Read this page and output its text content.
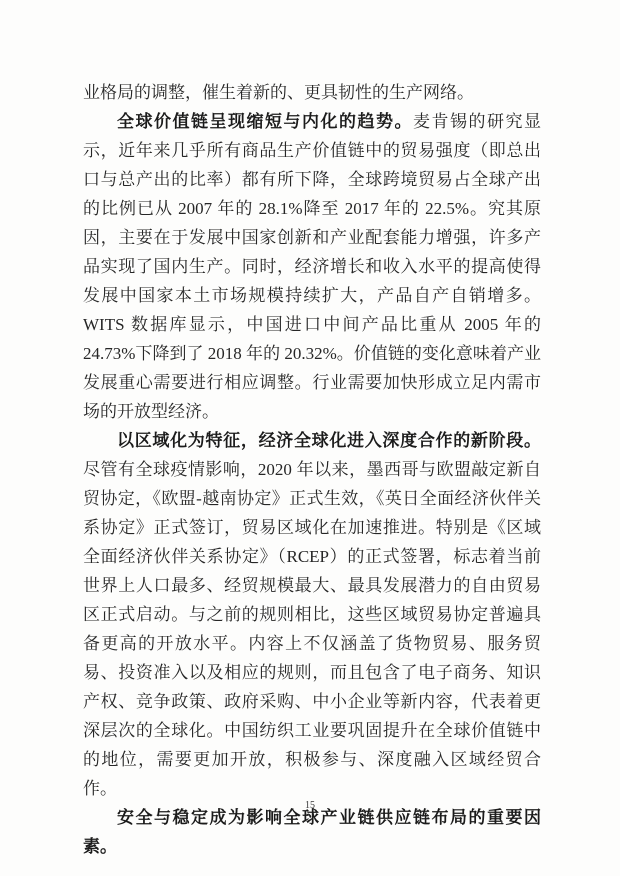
业格局的调整，催生着新的、更具韧性的生产网络。

全球价值链呈现缩短与内化的趋势。麦肯锡的研究显示，近年来几乎所有商品生产价值链中的贸易强度（即总出口与总产出的比率）都有所下降，全球跨境贸易占全球产出的比例已从 2007 年的 28.1%降至 2017 年的 22.5%。究其原因，主要在于发展中国家创新和产业配套能力增强，许多产品实现了国内生产。同时，经济增长和收入水平的提高使得发展中国家本土市场规模持续扩大，产品自产自销增多。WITS 数据库显示，中国进口中间产品比重从 2005 年的 24.73%下降到了 2018 年的 20.32%。价值链的变化意味着产业发展重心需要进行相应调整。行业需要加快形成立足内需市场的开放型经济。

以区域化为特征，经济全球化进入深度合作的新阶段。尽管有全球疫情影响，2020 年以来，墨西哥与欧盟敲定新自贸协定，《欧盟-越南协定》正式生效，《英日全面经济伙伴关系协定》正式签订，贸易区域化在加速推进。特别是《区域全面经济伙伴关系协定》（RCEP）的正式签署，标志着当前世界上人口最多、经贸规模最大、最具发展潜力的自由贸易区正式启动。与之前的规则相比，这些区域贸易协定普遍具备更高的开放水平。内容上不仅涵盖了货物贸易、服务贸易、投资准入以及相应的规则，而且包含了电子商务、知识产权、竞争政策、政府采购、中小企业等新内容，代表着更深层次的全球化。中国纺织工业要巩固提升在全球价值链中的地位，需要更加开放，积极参与、深度融入区域经贸合作。

安全与稳定成为影响全球产业链供应链布局的重要因素。

15
